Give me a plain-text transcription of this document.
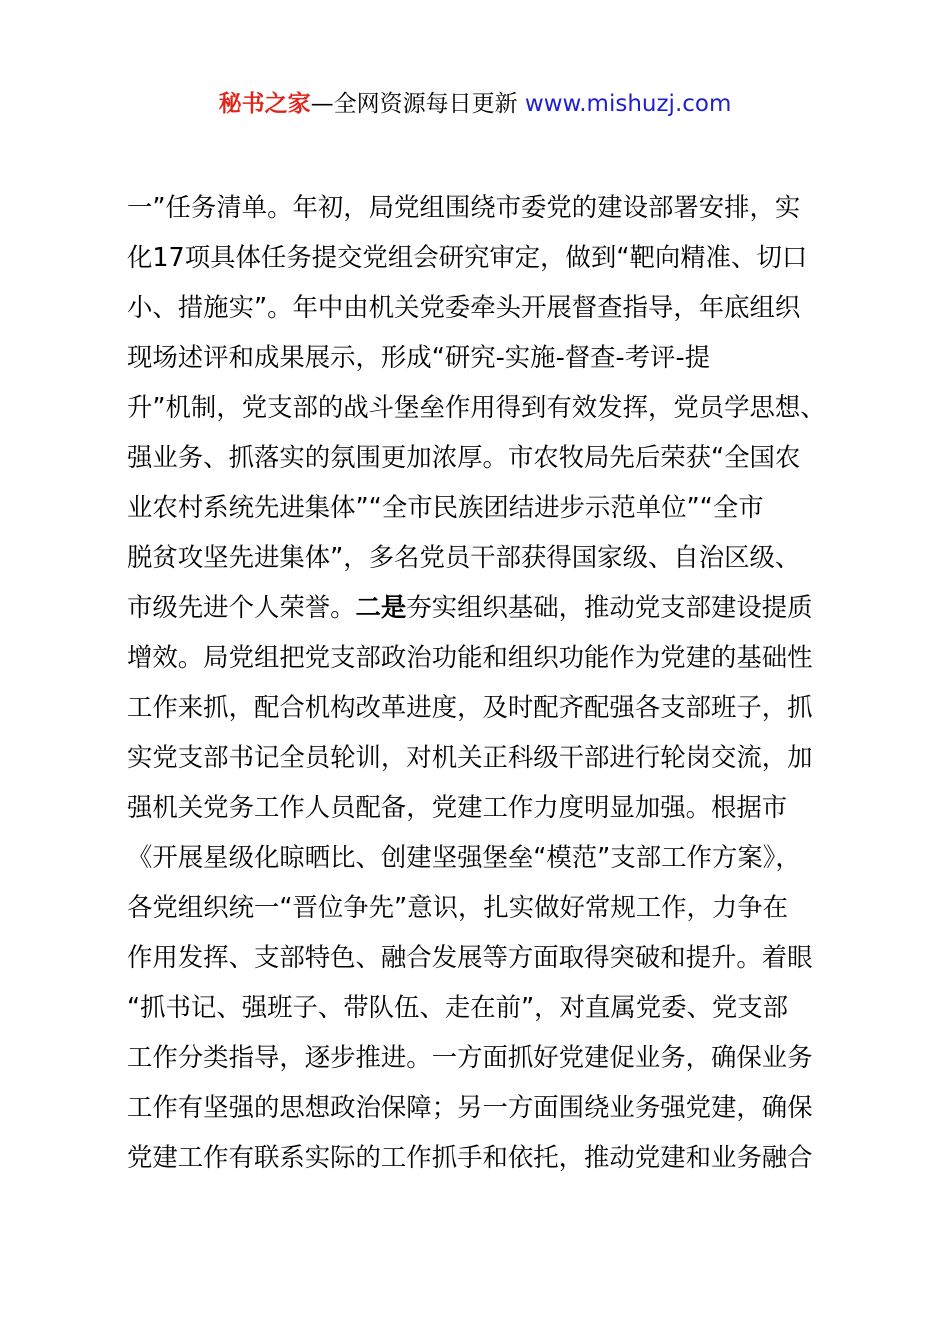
秘书之家—全网资源每日更新 www.mishuzj.com
一”任务清单。年初，局党组围绕市委党的建设部署安排，实
化17项具体任务提交党组会研究审定，做到“靶向精准、切口
小、措施实”。年中由机关党委牵头开展督查指导，年底组织
现场述评和成果展示，形成“研究-实施-督查-考评-提
升”机制，党支部的战斗堡垒作用得到有效发挥，党员学思想、
强业务、抓落实的氛围更加浓厚。市农牧局先后荣获“全国农
业农村系统先进集体”“全市民族团结进步示范单位”“全市
脱贫攻坚先进集体”，多名党员干部获得国家级、自治区级、
市级先进个人荣誉。二是夯实组织基础，推动党支部建设提质
增效。局党组把党支部政治功能和组织功能作为党建的基础性
工作来抓，配合机构改革进度，及时配齐配强各支部班子，抓
实党支部书记全员轮训，对机关正科级干部进行轮岗交流，加
强机关党务工作人员配备，党建工作力度明显加强。根据市
《开展星级化晾晒比、创建坚强堡垒“模范”支部工作方案》，
各党组织统一“晋位争先”意识，扎实做好常规工作，力争在
作用发挥、支部特色、融合发展等方面取得突破和提升。着眼
“抓书记、强班子、带队伍、走在前”，对直属党委、党支部
工作分类指导，逐步推进。一方面抓好党建促业务，确保业务
工作有坚强的思想政治保障；另一方面围绕业务强党建，确保
党建工作有联系实际的工作抓手和依托，推动党建和业务融合
